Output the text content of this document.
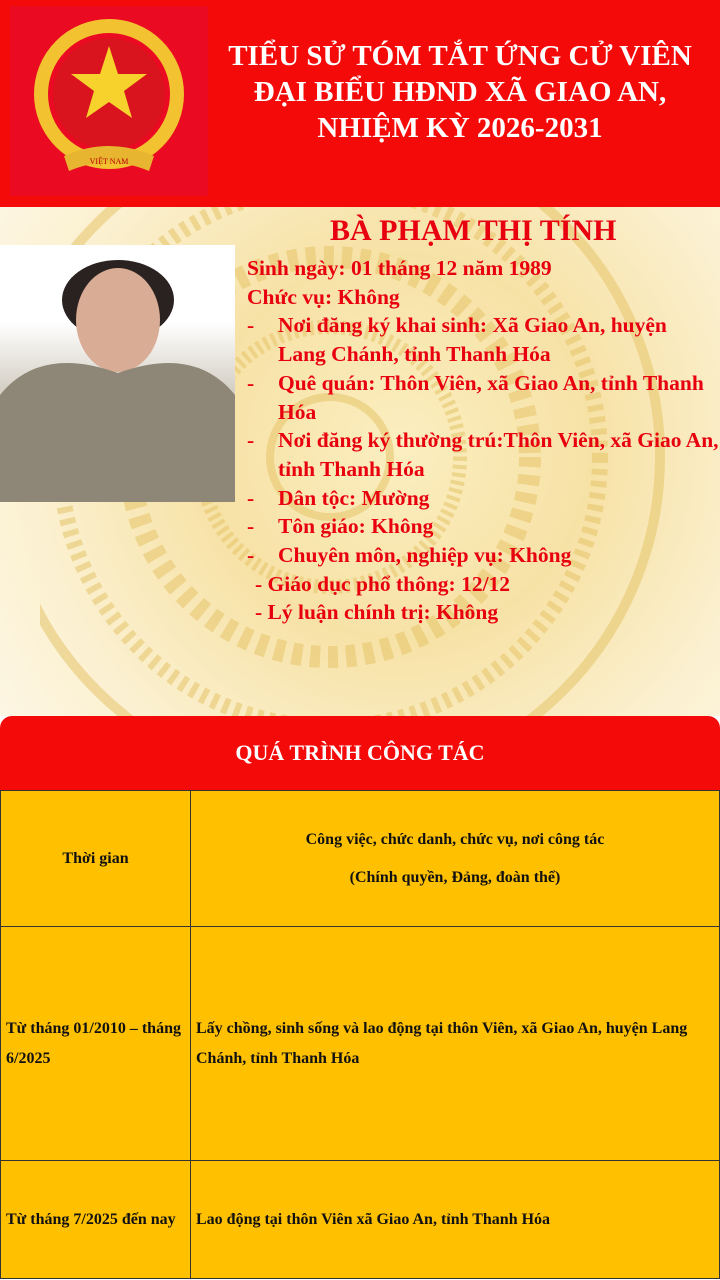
VIỆT NAM
TIỂU SỬ TÓM TẮT ỨNG CỬ VIÊN
ĐẠI BIỂU HĐND XÃ GIAO AN,
NHIỆM KỲ 2026-2031
BÀ PHẠM THỊ TÍNH
Sinh ngày: 01 tháng 12 năm 1989
Chức vụ: Không
-	Nơi đăng ký khai sinh: Xã Giao An, huyện Lang Chánh, tỉnh Thanh Hóa
-	Quê quán: Thôn Viên, xã Giao An, tỉnh Thanh Hóa
-	Nơi đăng ký thường trú:Thôn Viên, xã Giao An, tỉnh Thanh Hóa
-	Dân tộc: Mường
-	Tôn giáo: Không
-	Chuyên môn, nghiệp vụ: Không
- Giáo dục phổ thông: 12/12
- Lý luận chính trị: Không
QUÁ TRÌNH CÔNG TÁC
Thời gian	Công việc, chức danh, chức vụ, nơi công tác
(Chính quyền, Đảng, đoàn thể)

Từ tháng 01/2010 – tháng 6/2025	Lấy chồng, sinh sống và lao động tại thôn Viên, xã Giao An, huyện Lang Chánh, tỉnh Thanh Hóa
Từ tháng 7/2025 đến nay	Lao động tại thôn Viên xã Giao An, tỉnh Thanh Hóa
